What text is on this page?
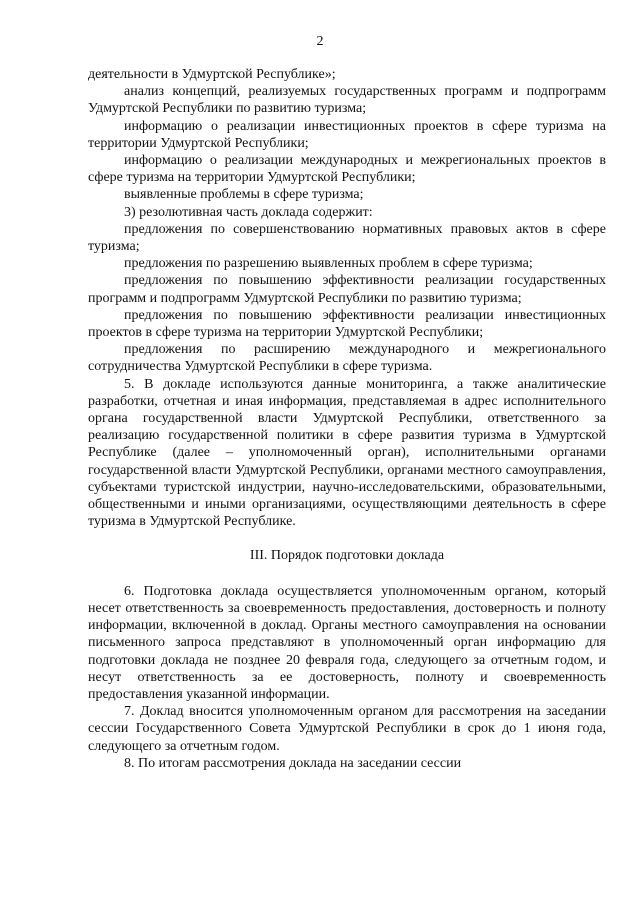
2

деятельности в Удмуртской Республике»;

анализ концепций, реализуемых государственных программ и подпрограмм Удмуртской Республики по развитию туризма;

информацию о реализации инвестиционных проектов в сфере туризма на территории Удмуртской Республики;

информацию о реализации международных и межрегиональных проектов в сфере туризма на территории Удмуртской Республики;

выявленные проблемы в сфере туризма;

3) резолютивная часть доклада содержит:

предложения по совершенствованию нормативных правовых актов в сфере туризма;

предложения по разрешению выявленных проблем в сфере туризма;

предложения по повышению эффективности реализации государственных программ и подпрограмм Удмуртской Республики по развитию туризма;

предложения по повышению эффективности реализации инвестиционных проектов в сфере туризма на территории Удмуртской Республики;

предложения по расширению международного и межрегионального сотрудничества Удмуртской Республики в сфере туризма.

5. В докладе используются данные мониторинга, а также аналитические разработки, отчетная и иная информация, представляемая в адрес исполнительного органа государственной власти Удмуртской Республики, ответственного за реализацию государственной политики в сфере развития туризма в Удмуртской Республике (далее – уполномоченный орган), исполнительными органами государственной власти Удмуртской Республики, органами местного самоуправления, субъектами туристской индустрии, научно-исследовательскими, образовательными, общественными и иными организациями, осуществляющими деятельность в сфере туризма в Удмуртской Республике.

III. Порядок подготовки доклада

6. Подготовка доклада осуществляется уполномоченным органом, который несет ответственность за своевременность предоставления, достоверность и полноту информации, включенной в доклад. Органы местного самоуправления на основании письменного запроса представляют в уполномоченный орган информацию для подготовки доклада не позднее 20 февраля года, следующего за отчетным годом, и несут ответственность за ее достоверность, полноту и своевременность предоставления указанной информации.

7. Доклад вносится уполномоченным органом для рассмотрения на заседании сессии Государственного Совета Удмуртской Республики в срок до 1 июня года, следующего за отчетным годом.

8. По итогам рассмотрения доклада на заседании сессии
